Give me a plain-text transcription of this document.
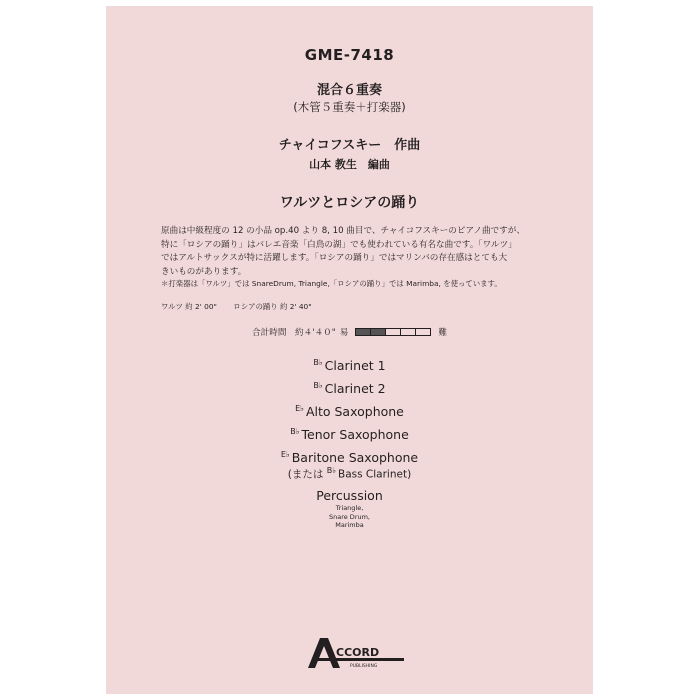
GME-7418
混合６重奏
(木管５重奏＋打楽器)
チャイコフスキー　作曲
山本 教生　編曲
ワルツとロシアの踊り
原曲は中級程度の 12 の小品 op.40 より 8, 10 曲目で、チャイコフスキーのピアノ曲ですが、
特に「ロシアの踊り」はバレエ音楽「白鳥の湖」でも使われている有名な曲です。「ワルツ」
ではアルトサックスが特に活躍します。「ロシアの踊り」ではマリンバの存在感はとても大
きいものがあります。
＊打楽器は「ワルツ」では SnareDrum, Triangle,「ロシアの踊り」では Marimba, を使っています。
ワルツ 約 2' 00" ロシアの踊り 約 2' 40"
合計時間　約４'４０" 易	難
$^{B♭}$ Clarinet 1
$^{B♭}$ Clarinet 2
$^{E♭}$ Alto Saxophone
$^{B♭}$ Tenor Saxophone
$^{E♭}$ Baritone Saxophone
(または $^{B♭}$ Bass Clarinet)
Percussion
Triangle,
Snare Drum,
Marimba
CCORD
PUBLISHING
